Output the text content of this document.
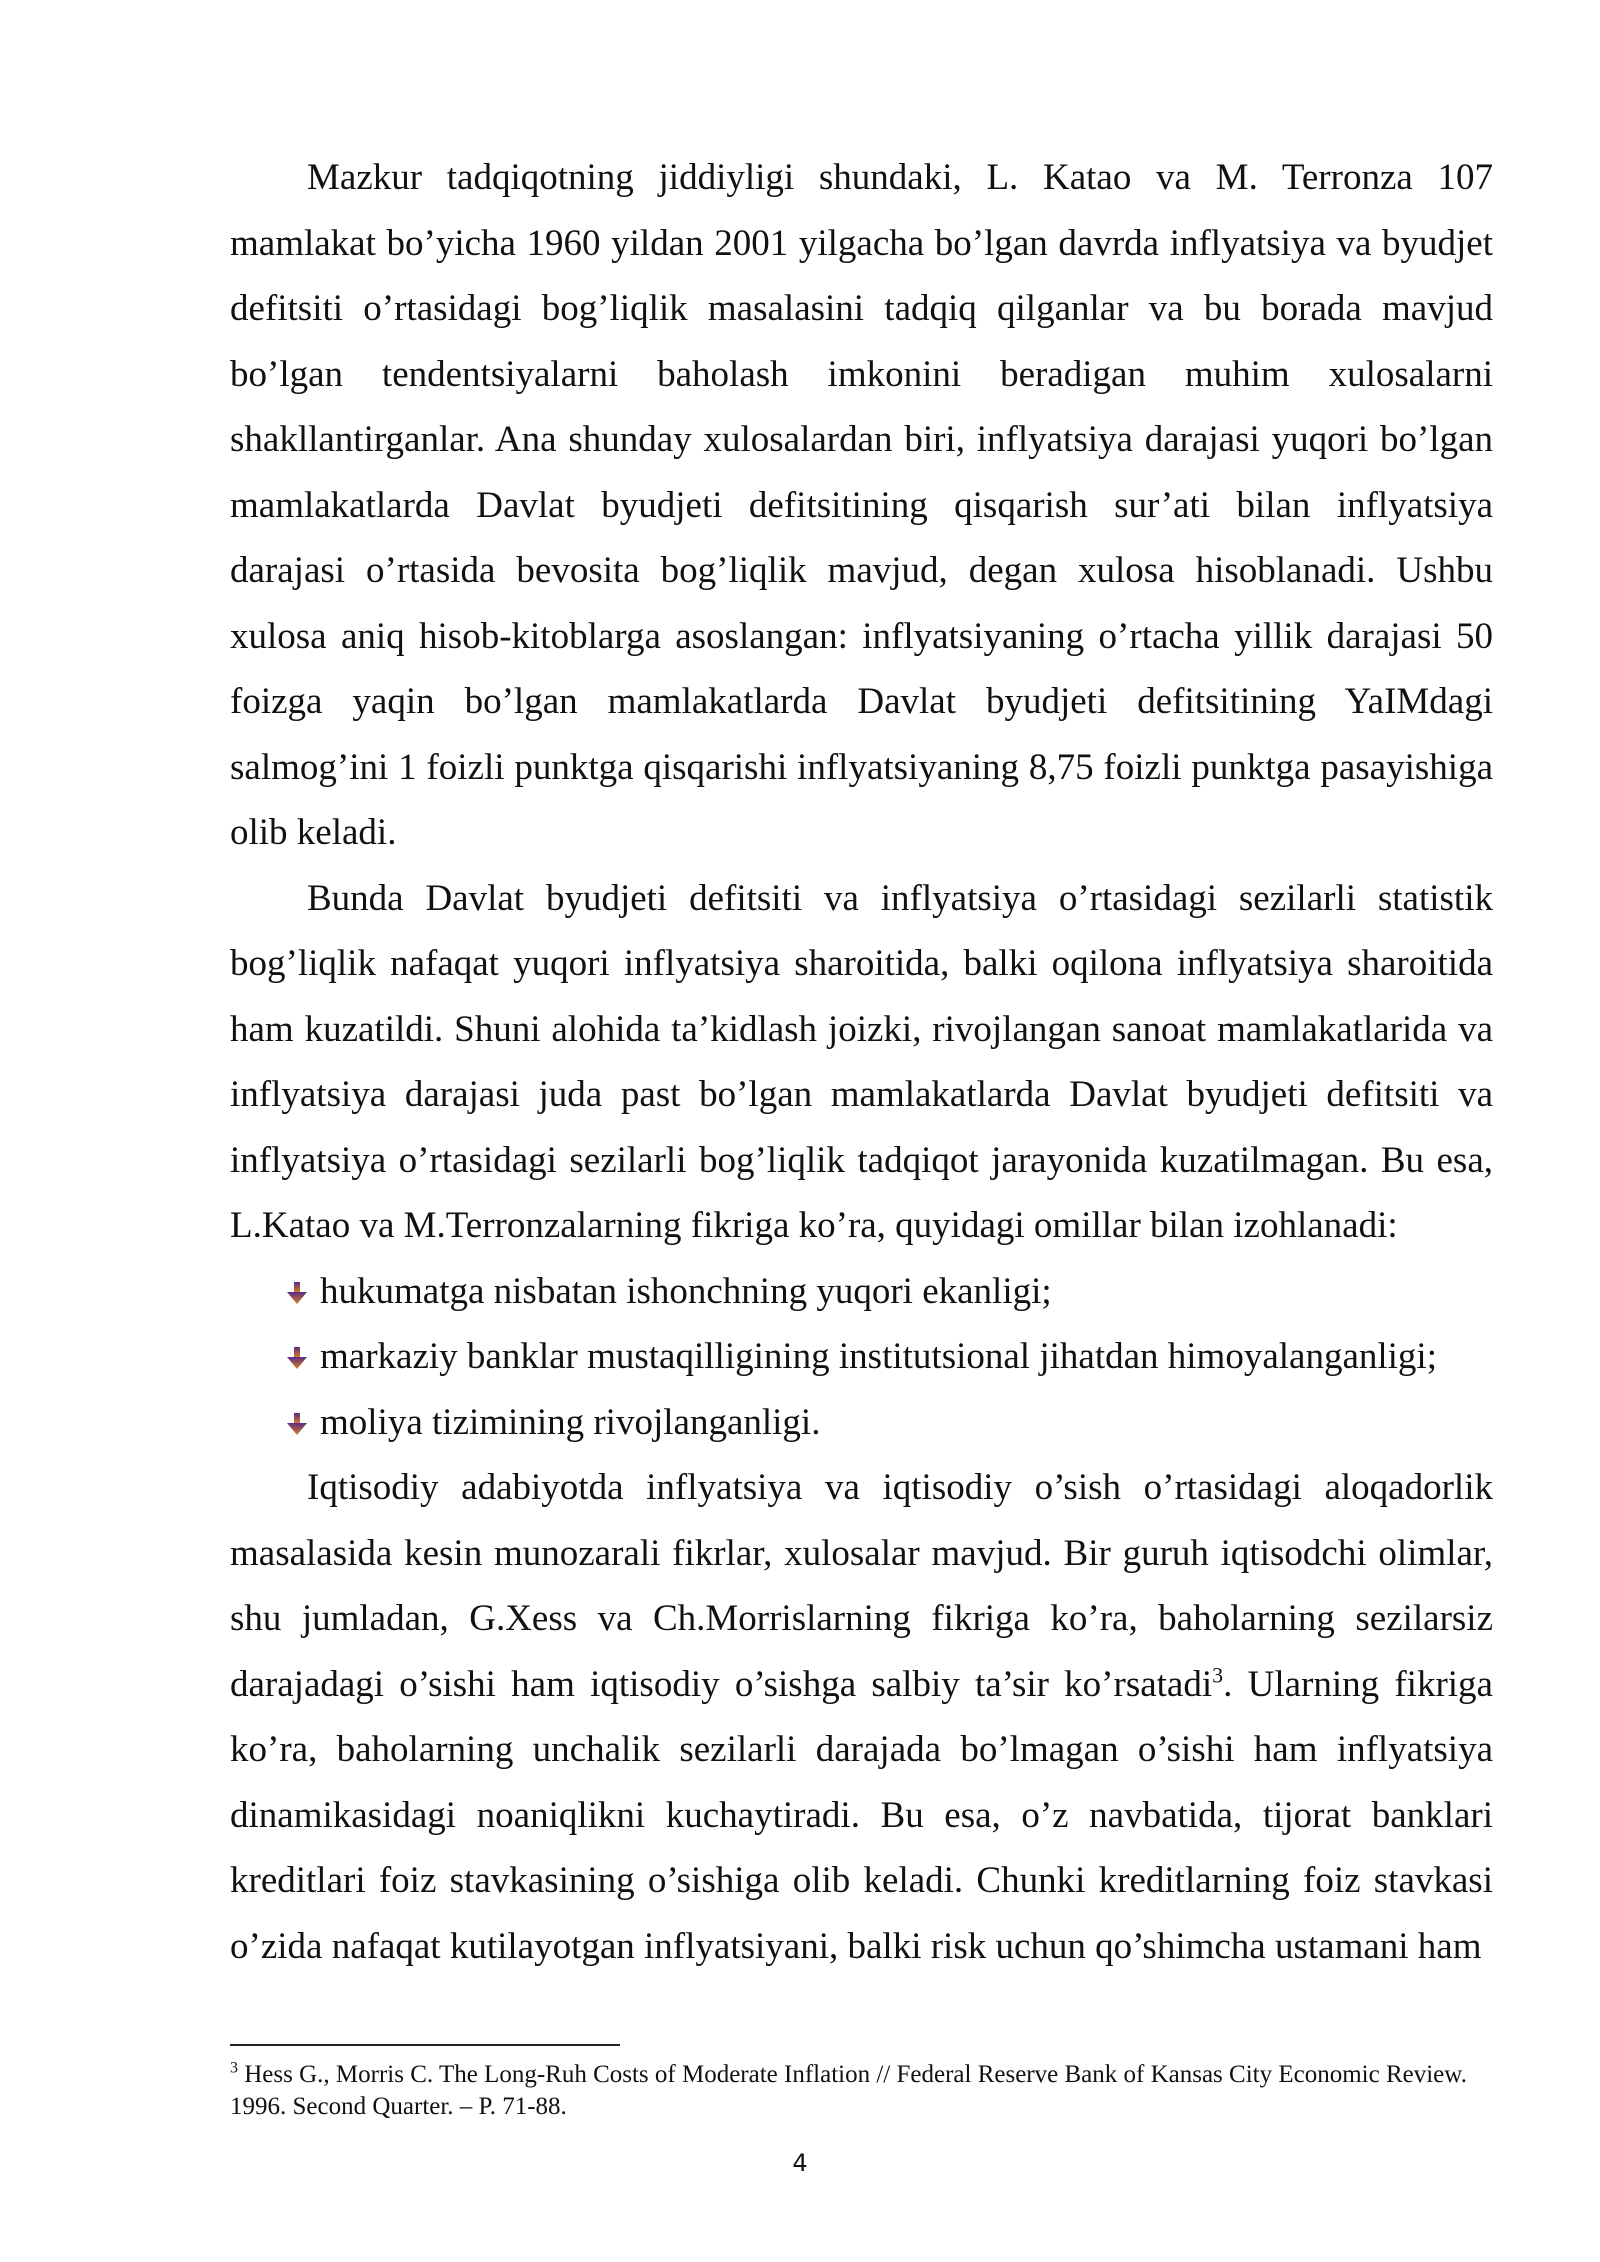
Mazkur tadqiqotning jiddiyligi shundaki, L. Katao va M. Terronza 107 mamlakat bo’yicha 1960 yildan 2001 yilgacha bo’lgan davrda inflyatsiya va byudjet defitsiti o’rtasidagi bog’liqlik masalasini tadqiq qilganlar va bu borada mavjud bo’lgan tendentsiyalarni baholash imkonini beradigan muhim xulosalarni shakllantirganlar. Ana shunday xulosalardan biri, inflyatsiya darajasi yuqori bo’lgan mamlakatlarda Davlat byudjeti defitsitining qisqarish sur’ati bilan inflyatsiya darajasi o’rtasida bevosita bog’liqlik mavjud, degan xulosa hisoblanadi. Ushbu xulosa aniq hisob-kitoblarga asoslangan: inflyatsiyaning o’rtacha yillik darajasi 50 foizga yaqin bo’lgan mamlakatlarda Davlat byudjeti defitsitining YaIMdagi salmog’ini 1 foizli punktga qisqarishi inflyatsiyaning 8,75 foizli punktga pasayishiga olib keladi.

Bunda Davlat byudjeti defitsiti va inflyatsiya o’rtasidagi sezilarli statistik bog’liqlik nafaqat yuqori inflyatsiya sharoitida, balki oqilona inflyatsiya sharoitida ham kuzatildi. Shuni alohida ta’kidlash joizki, rivojlangan sanoat mamlakatlarida va inflyatsiya darajasi juda past bo’lgan mamlakatlarda Davlat byudjeti defitsiti va inflyatsiya o’rtasidagi sezilarli bog’liqlik tadqiqot jarayonida kuzatilmagan. Bu esa, L.Katao va M.Terronzalarning fikriga ko’ra, quyidagi omillar bilan izohlanadi:

hukumatga nisbatan ishonchning yuqori ekanligi;
markaziy banklar mustaqilligining institutsional jihatdan himoyalanganligi;
moliya tizimining rivojlanganligi.

Iqtisodiy adabiyotda inflyatsiya va iqtisodiy o’sish o’rtasidagi aloqadorlik masalasida kesin munozarali fikrlar, xulosalar mavjud. Bir guruh iqtisodchi olimlar, shu jumladan, G.Xess va Ch.Morrislarning fikriga ko’ra, baholarning sezilarsiz darajadagi o’sishi ham iqtisodiy o’sishga salbiy ta’sir ko’rsatadi$^3$. Ularning fikriga ko’ra, baholarning unchalik sezilarli darajada bo’lmagan o’sishi ham inflyatsiya dinamikasidagi noaniqlikni kuchaytiradi. Bu esa, o’z navbatida, tijorat banklari kreditlari foiz stavkasining o’sishiga olib keladi. Chunki kreditlarning foiz stavkasi o’zida nafaqat kutilayotgan inflyatsiyani, balki risk uchun qo’shimcha ustamani ham

$^3$ Hess G., Morris C. The Long-Ruh Costs of Moderate Inflation // Federal Reserve Bank of Kansas City Economic Review. 1996. Second Quarter. – P. 71-88.
4
